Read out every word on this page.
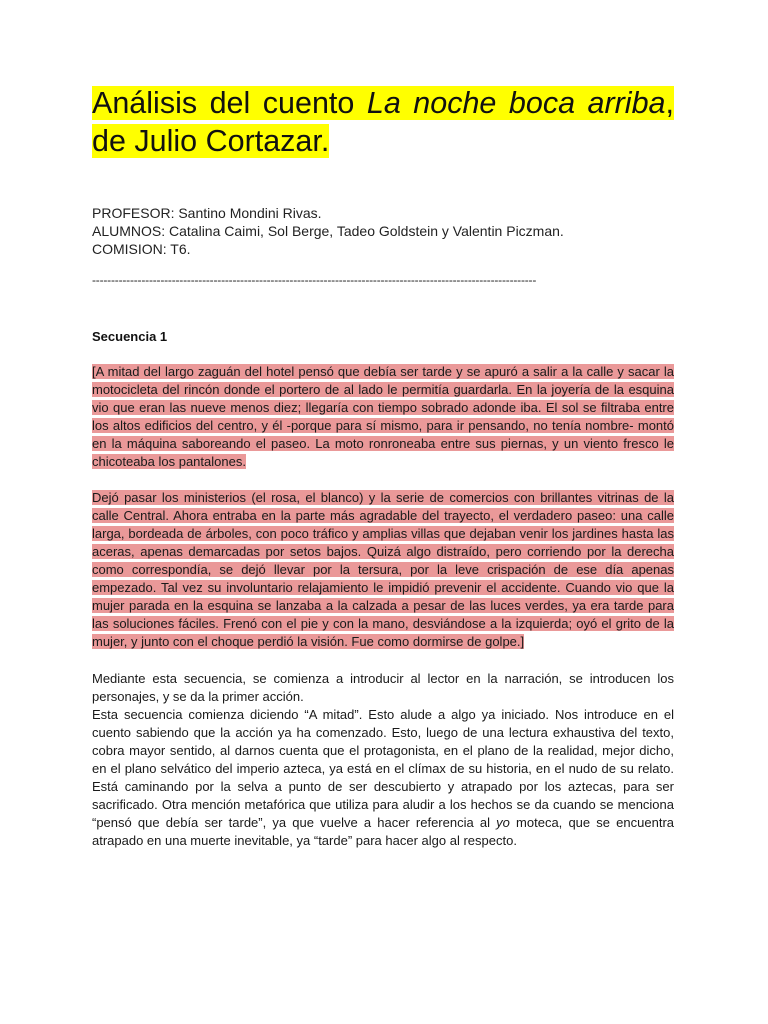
Análisis del cuento La noche boca arriba, de Julio Cortazar.
PROFESOR: Santino Mondini Rivas.
ALUMNOS: Catalina Caimi, Sol Berge, Tadeo Goldstein y Valentin Piczman.
COMISION: T6.
---------------------------------------------------------------------------------------------------------------------
Secuencia 1

[A mitad del largo zaguán del hotel pensó que debía ser tarde y se apuró a salir a la calle y sacar la motocicleta del rincón donde el portero de al lado le permitía guardarla. En la joyería de la esquina vio que eran las nueve menos diez; llegaría con tiempo sobrado adonde iba. El sol se filtraba entre los altos edificios del centro, y él -porque para sí mismo, para ir pensando, no tenía nombre- montó en la máquina saboreando el paseo. La moto ronroneaba entre sus piernas, y un viento fresco le chicoteaba los pantalones.

Dejó pasar los ministerios (el rosa, el blanco) y la serie de comercios con brillantes vitrinas de la calle Central. Ahora entraba en la parte más agradable del trayecto, el verdadero paseo: una calle larga, bordeada de árboles, con poco tráfico y amplias villas que dejaban venir los jardines hasta las aceras, apenas demarcadas por setos bajos. Quizá algo distraído, pero corriendo por la derecha como correspondía, se dejó llevar por la tersura, por la leve crispación de ese día apenas empezado. Tal vez su involuntario relajamiento le impidió prevenir el accidente. Cuando vio que la mujer parada en la esquina se lanzaba a la calzada a pesar de las luces verdes, ya era tarde para las soluciones fáciles. Frenó con el pie y con la mano, desviándose a la izquierda; oyó el grito de la mujer, y junto con el choque perdió la visión. Fue como dormirse de golpe.]

Mediante esta secuencia, se comienza a introducir al lector en la narración, se introducen los personajes, y se da la primer acción.

Esta secuencia comienza diciendo “A mitad”. Esto alude a algo ya iniciado. Nos introduce en el cuento sabiendo que la acción ya ha comenzado. Esto, luego de una lectura exhaustiva del texto, cobra mayor sentido, al darnos cuenta que el protagonista, en el plano de la realidad, mejor dicho, en el plano selvático del imperio azteca, ya está en el clímax de su historia, en el nudo de su relato. Está caminando por la selva a punto de ser descubierto y atrapado por los aztecas, para ser sacrificado. Otra mención metafórica que utiliza para aludir a los hechos se da cuando se menciona “pensó que debía ser tarde”, ya que vuelve a hacer referencia al yo moteca, que se encuentra atrapado en una muerte inevitable, ya “tarde” para hacer algo al respecto.
